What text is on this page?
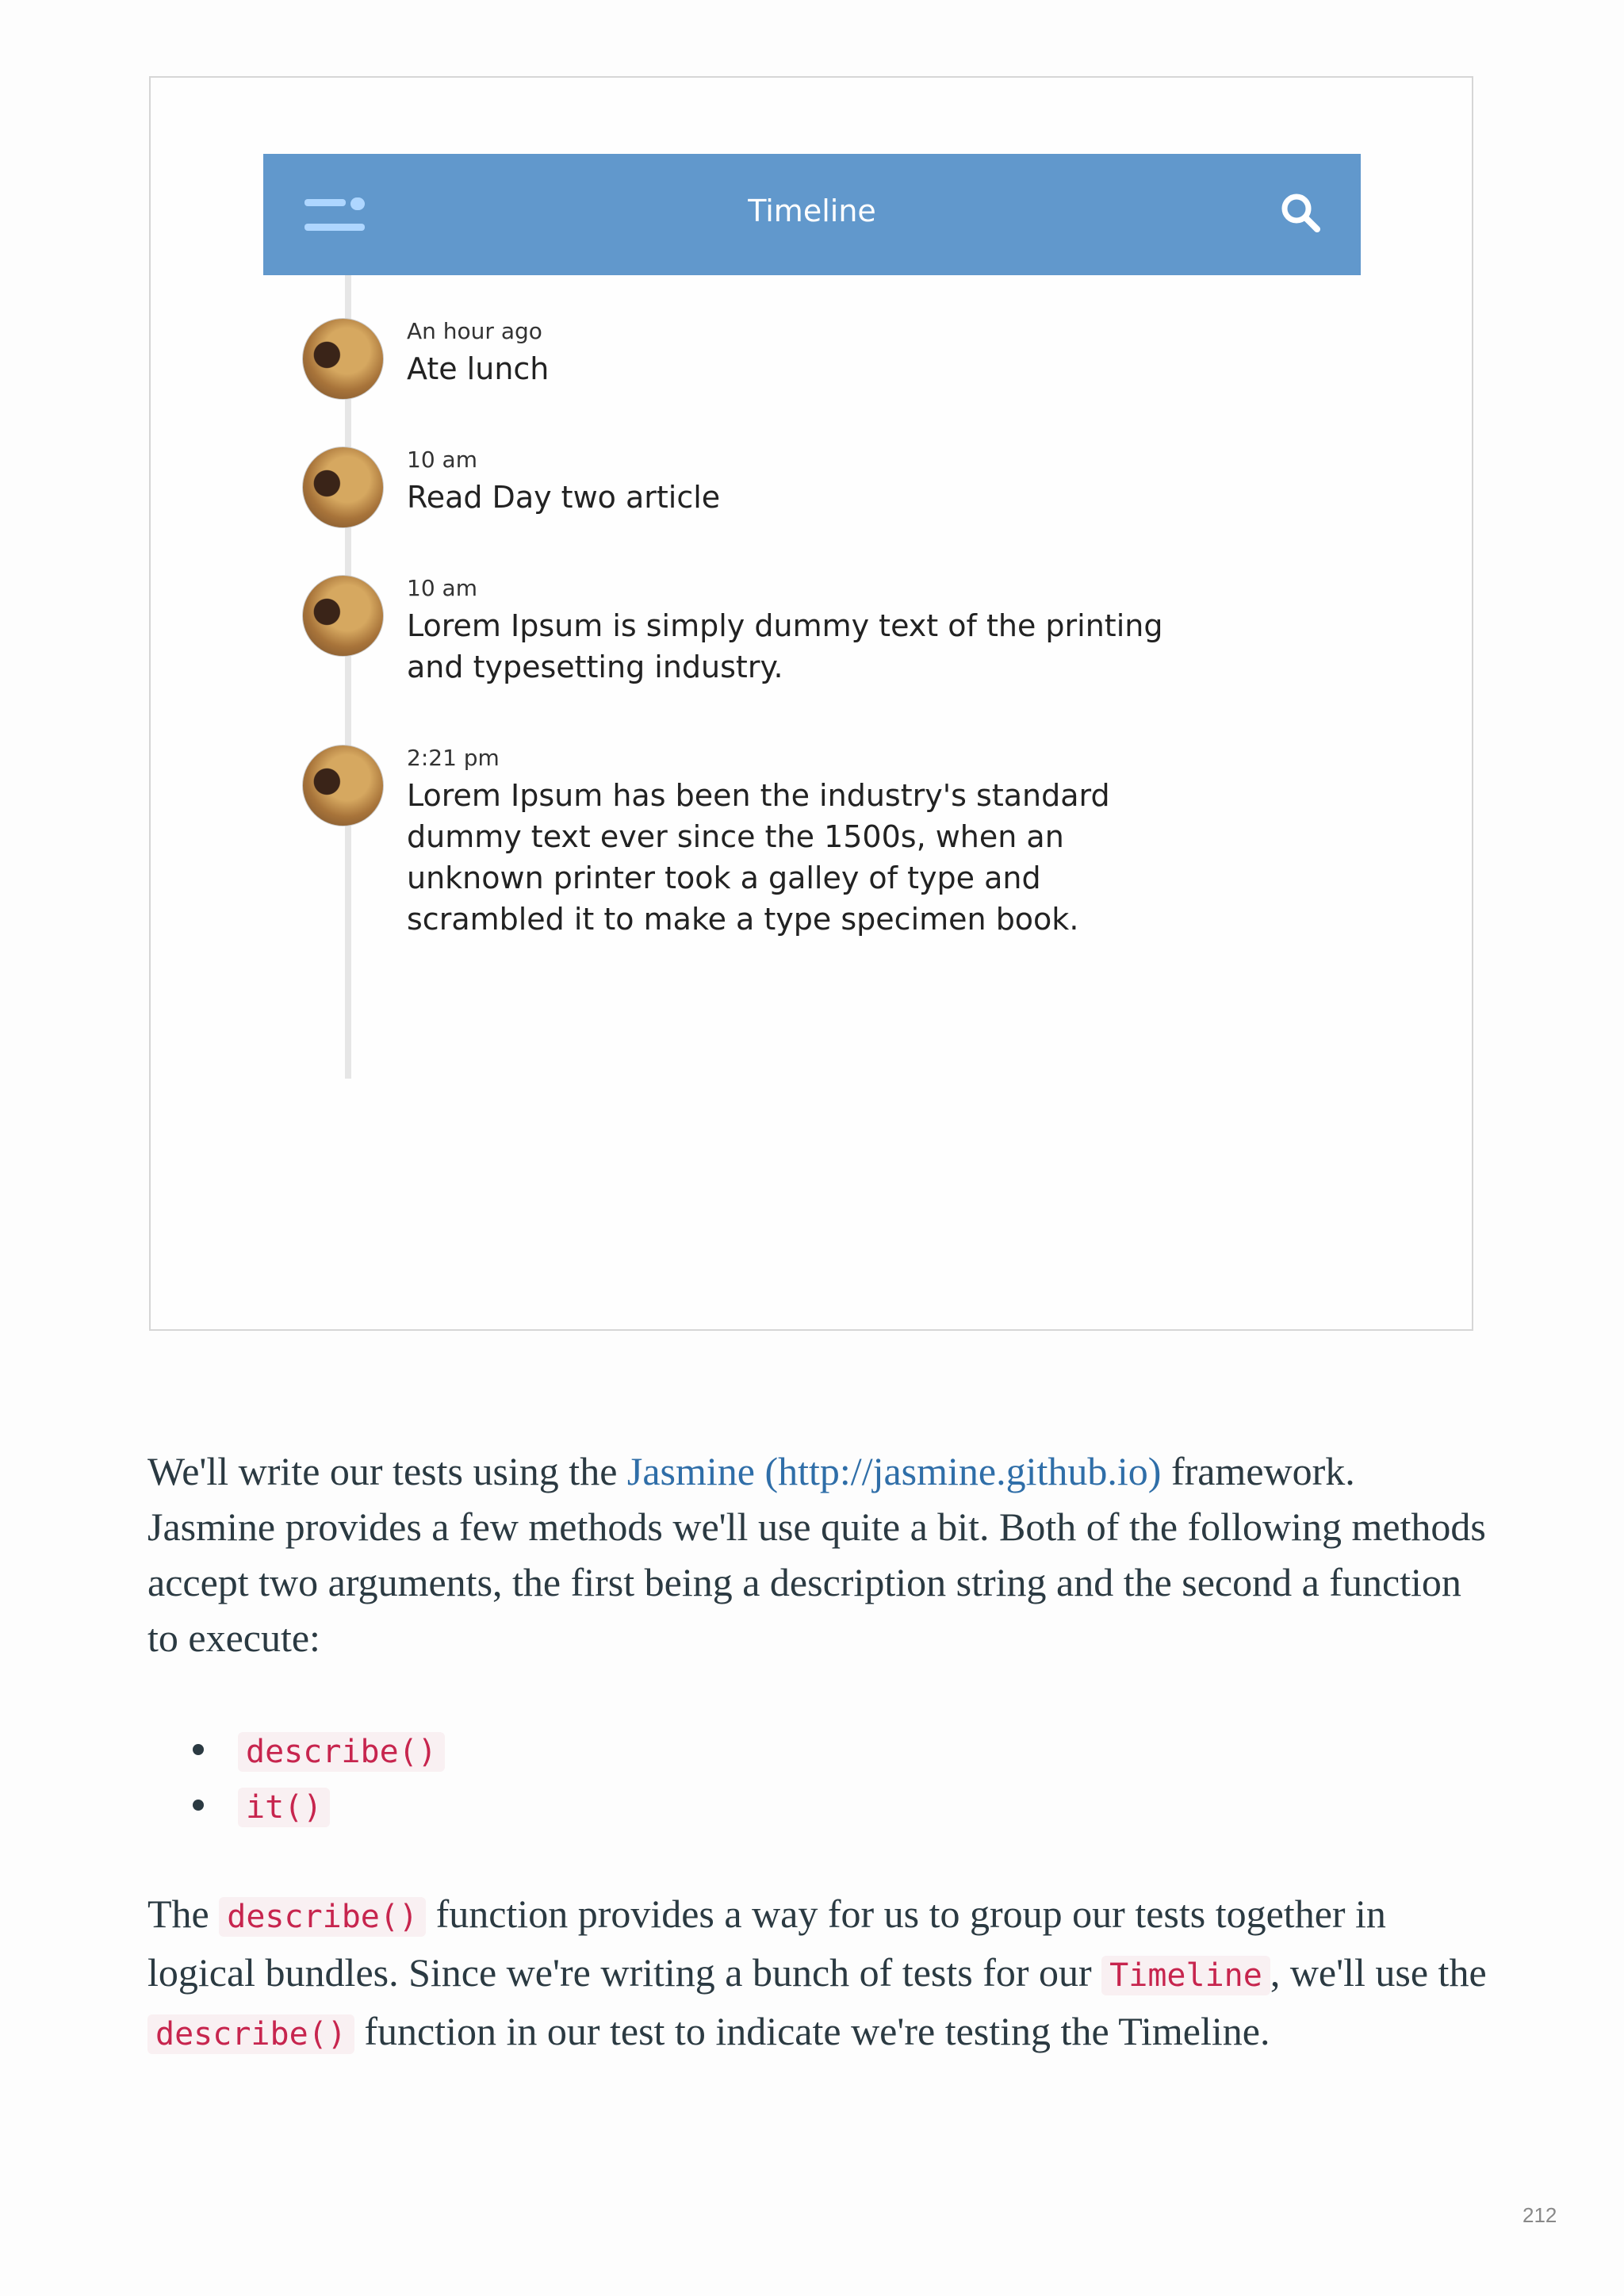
Timeline
An hour ago
Ate lunch
10 am
Read Day two article
10 am
Lorem Ipsum is simply dummy text of the printing and typesetting industry.
2:21 pm
Lorem Ipsum has been the industry's standard dummy text ever since the 1500s, when an unknown printer took a galley of type and scrambled it to make a type specimen book.

We'll write our tests using the Jasmine (http://jasmine.github.io) framework. Jasmine provides a few methods we'll use quite a bit. Both of the following methods accept two arguments, the first being a description string and the second a function to execute:

describe()
it()

The describe() function provides a way for us to group our tests together in logical bundles. Since we're writing a bunch of tests for our Timeline , we'll use the describe() function in our test to indicate we're testing the Timeline.

212
